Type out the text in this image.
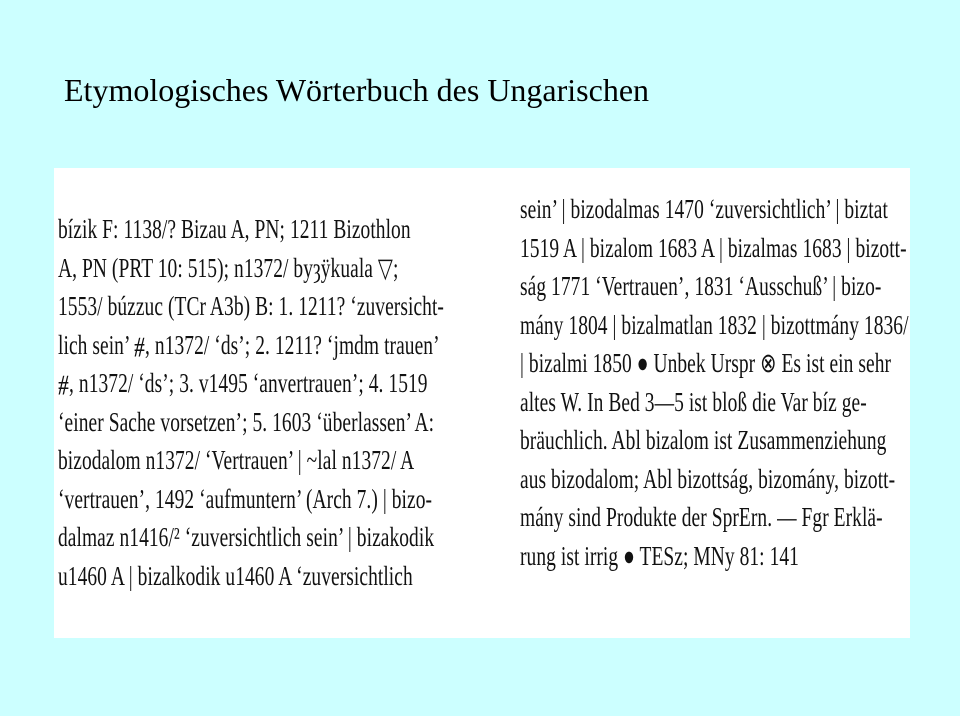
Etymologisches Wörterbuch des Ungarischen
bízik F: 1138/? Bizau A, PN; 1211 Bizothlon
A, PN (PRT 10: 515); n1372/ byȝÿkuala ▽;
1553/ búzzuc (TCr A3b) B: 1. 1211? ‘zuversicht-
lich sein’ ⧣, n1372/ ‘ds’; 2. 1211? ‘jmdm trauen’
⧣, n1372/ ‘ds’; 3. v1495 ‘anvertrauen’; 4. 1519
‘einer Sache vorsetzen’; 5. 1603 ‘überlassen’ A:
bizodalom n1372/ ‘Vertrauen’ | ~lal n1372/ A
‘vertrauen’, 1492 ‘aufmuntern’ (Arch 7.) | bizo-
dalmaz n1416/² ‘zuversichtlich sein’ | bizakodik
u1460 A | bizalkodik u1460 A ‘zuversichtlich
sein’ | bizodalmas 1470 ‘zuversichtlich’ | biztat
1519 A | bizalom 1683 A | bizalmas 1683 | bizott-
ság 1771 ‘Vertrauen’, 1831 ‘Ausschuß’ | bizo-
mány 1804 | bizalmatlan 1832 | bizottmány 1836/
| bizalmi 1850 ● Unbek Urspr ⊗ Es ist ein sehr
altes W. In Bed 3—5 ist bloß die Var bíz ge-
bräuchlich. Abl bizalom ist Zusammenziehung
aus bizodalom; Abl bizottság, bizomány, bizott-
mány sind Produkte der SprErn. — Fgr Erklä-
rung ist irrig ● TESz; MNy 81: 141
